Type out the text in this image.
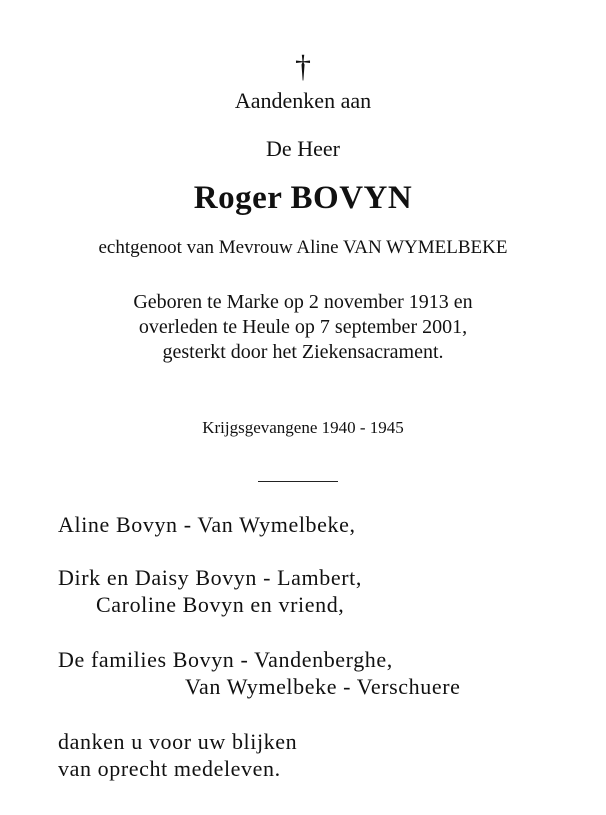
†
Aandenken aan
De Heer
Roger BOVYN
echtgenoot van Mevrouw Aline VAN WYMELBEKE
Geboren te Marke op 2 november 1913 en
overleden te Heule op 7 september 2001,
gesterkt door het Ziekensacrament.
Krijgsgevangene 1940 - 1945
Aline Bovyn - Van Wymelbeke,
Dirk en Daisy Bovyn - Lambert,
Caroline Bovyn en vriend,
De families Bovyn - Vandenberghe,
Van Wymelbeke - Verschuere
danken u voor uw blijken
van oprecht medeleven.
